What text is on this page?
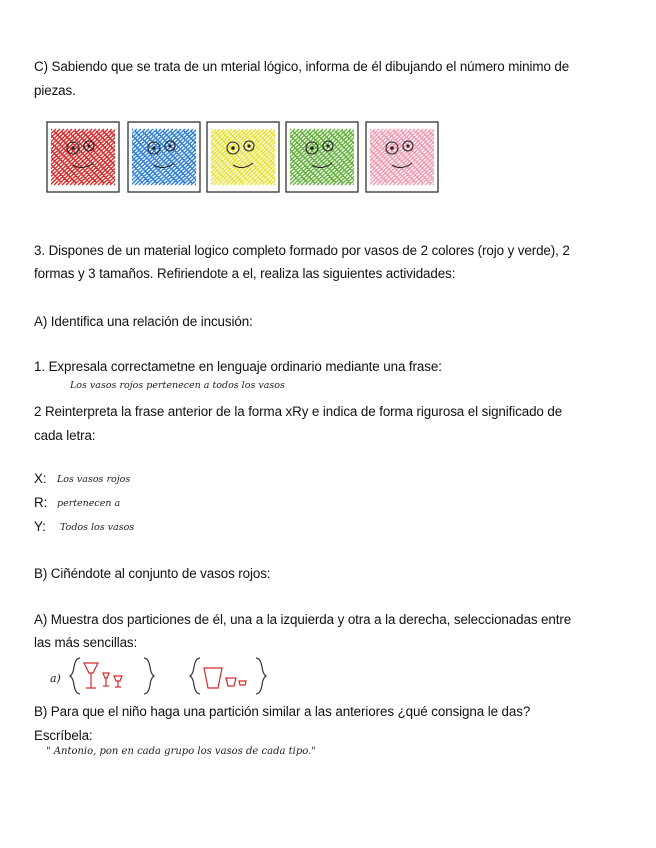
C) Sabiendo que se trata de un mterial lógico, informa de él dibujando el número minimo de
piezas.
3. Dispones de un material logico completo formado por vasos de 2 colores (rojo y verde), 2
formas y 3 tamaños. Refiriendote a el, realiza las siguientes actividades:
A) Identifica una relación de incusión:
1. Expresala correctametne en lenguaje ordinario mediante una frase:
Los vasos rojos pertenecen a todos los vasos
2 Reinterpreta la frase anterior de la forma xRy e indica de forma rigurosa el significado de
cada letra:
X: Los vasos rojos
R: pertenecen a
Y: Todos los vasos
B) Ciñéndote al conjunto de vasos rojos:
A) Muestra dos particiones de él, una a la izquierda y otra a la derecha, seleccionadas entre
las más sencillas:
a)
B) Para que el niño haga una partición similar a las anteriores ¿qué consigna le das?
Escríbela:
" Antonio, pon en cada grupo los vasos de cada tipo."
